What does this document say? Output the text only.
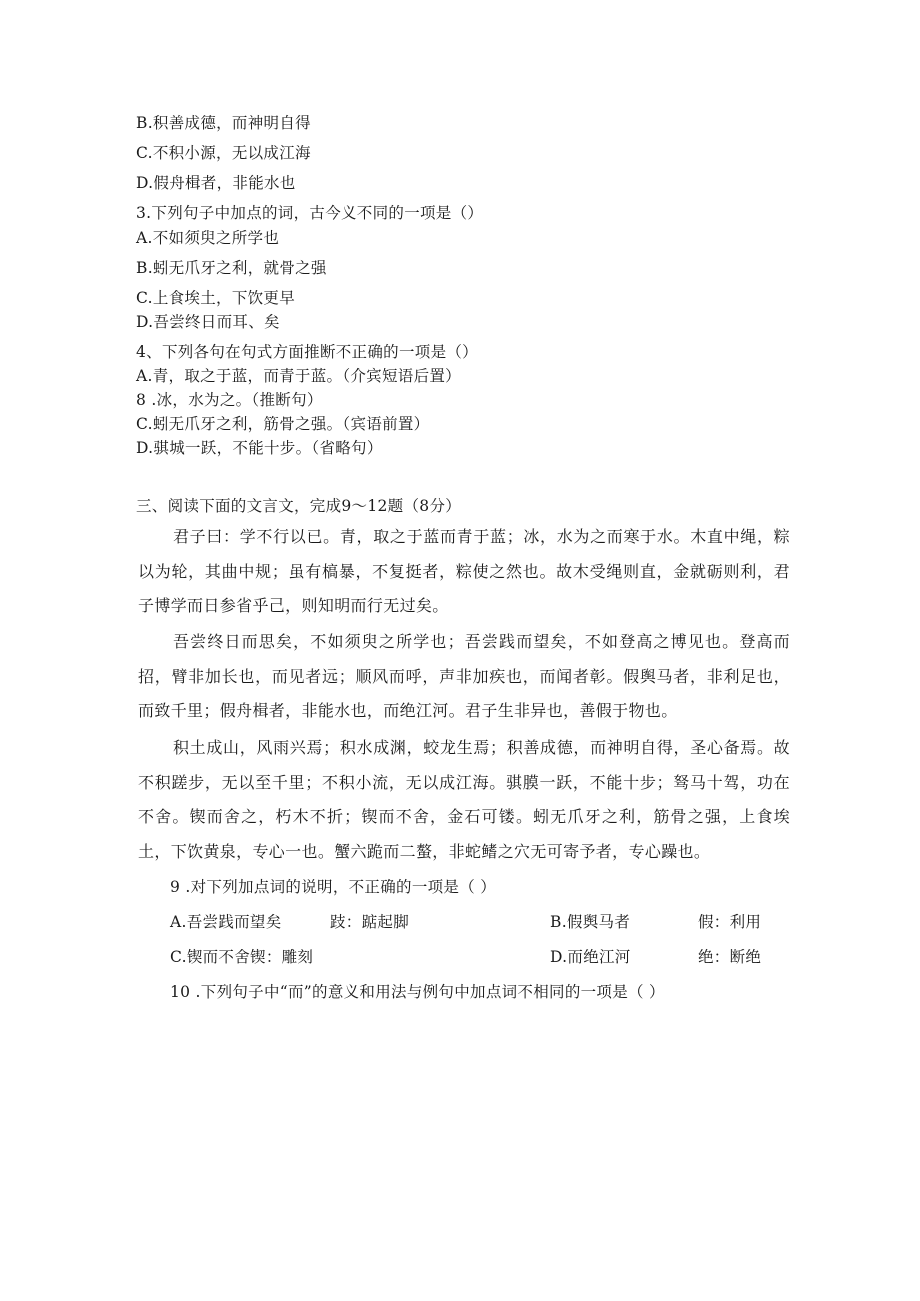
B.积善成德，而神明自得
C.不积小源，无以成江海
D.假舟楫者，非能水也
3.下列句子中加点的词，古今义不同的一项是（）
A.不如须臾之所学也
B.蚓无爪牙之利，就骨之强
C.上食埃土，下饮更早
D.吾尝终日而耳、矣
4、下列各句在句式方面推断不正确的一项是（）
A.青，取之于蓝，而青于蓝。（介宾短语后置）
8 .冰，水为之。（推断句）
C.蚓无爪牙之利，筋骨之强。（宾语前置）
D.骐城一跃，不能十步。（省略句）
三、阅读下面的文言文，完成9～12题（8分）
君子曰：学不行以已。青，取之于蓝而青于蓝；冰，水为之而寒于水。木直中绳，粽以为轮，其曲中规；虽有槁暴，不复挺者，粽使之然也。故木受绳则直，金就砺则利，君子博学而日参省乎己，则知明而行无过矣。
吾尝终日而思矣，不如须臾之所学也；吾尝践而望矣，不如登高之博见也。登高而招，臂非加长也，而见者远；顺风而呼，声非加疾也，而闻者彰。假舆马者，非利足也，而致千里；假舟楫者，非能水也，而绝江河。君子生非异也，善假于物也。
积土成山，风雨兴焉；积水成渊，蛟龙生焉；积善成德，而神明自得，圣心备焉。故不积蹉步，无以至千里；不积小流，无以成江海。骐膜一跃，不能十步；驽马十驾，功在不舍。锲而舍之，朽木不折；锲而不舍，金石可镂。蚓无爪牙之利，筋骨之强，上食埃土，下饮黄泉，专心一也。蟹六跪而二螯，非蛇鳍之穴无可寄予者，专心躁也。
9 .对下列加点词的说明，不正确的一项是（ ）
A.吾尝践而望矣	跂：踮起脚	B.假舆马者	假：利用
C.锲而不舍锲：雕刻	D.而绝江河	绝：断绝
10 .下列句子中“而”的意义和用法与例句中加点词不相同的一项是（ ）
